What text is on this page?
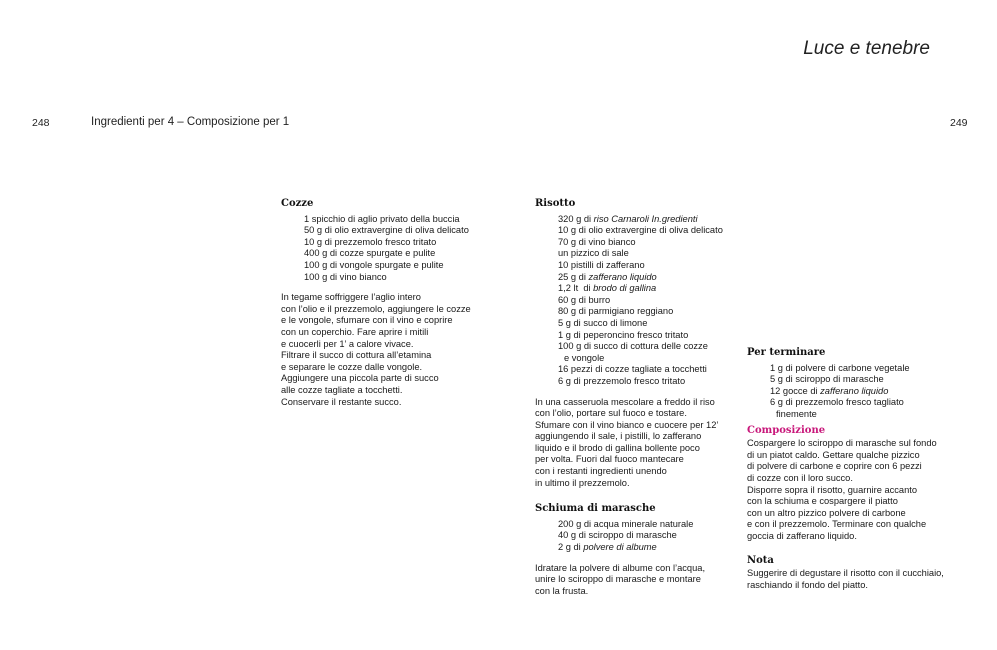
Luce e tenebre
248	Ingredienti per 4 – Composizione per 1	249
Cozze
1 spicchio di aglio privato della buccia
50 g di olio extravergine di oliva delicato
10 g di prezzemolo fresco tritato
400 g di cozze spurgate e pulite
100 g di vongole spurgate e pulite
100 g di vino bianco

In tegame soffriggere l’aglio intero
con l’olio e il prezzemolo, aggiungere le cozze
e le vongole, sfumare con il vino e coprire
con un coperchio. Fare aprire i mitili
e cuocerli per 1’ a calore vivace.
Filtrare il succo di cottura all’etamina
e separare le cozze dalle vongole.
Aggiungere una piccola parte di succo
alle cozze tagliate a tocchetti.
Conservare il restante succo.

Risotto
320 g di riso Carnaroli In.gredienti
10 g di olio extravergine di oliva delicato
70 g di vino bianco
un pizzico di sale
10 pistilli di zafferano
25 g di zafferano liquido
1,2 lt  di brodo di gallina
60 g di burro
80 g di parmigiano reggiano
5 g di succo di limone
1 g di peperoncino fresco tritato
100 g di succo di cottura delle cozze
e vongole
16 pezzi di cozze tagliate a tocchetti
6 g di prezzemolo fresco tritato

In una casseruola mescolare a freddo il riso
con l’olio, portare sul fuoco e tostare.
Sfumare con il vino bianco e cuocere per 12’
aggiungendo il sale, i pistilli, lo zafferano
liquido e il brodo di gallina bollente poco
per volta. Fuori dal fuoco mantecare
con i restanti ingredienti unendo
in ultimo il prezzemolo.

Schiuma di marasche
200 g di acqua minerale naturale
40 g di sciroppo di marasche
2 g di polvere di albume

Idratare la polvere di albume con l’acqua,
unire lo sciroppo di marasche e montare
con la frusta.

Per terminare
1 g di polvere di carbone vegetale
5 g di sciroppo di marasche
12 gocce di zafferano liquido
6 g di prezzemolo fresco tagliato
finemente
Composizione

Cospargere lo sciroppo di marasche sul fondo
di un piatot caldo. Gettare qualche pizzico
di polvere di carbone e coprire con 6 pezzi
di cozze con il loro succo.
Disporre sopra il risotto, guarnire accanto
con la schiuma e cospargere il piatto
con un altro pizzico polvere di carbone
e con il prezzemolo. Terminare con qualche
goccia di zafferano liquido.

Nota

Suggerire di degustare il risotto con il cucchiaio,
raschiando il fondo del piatto.
